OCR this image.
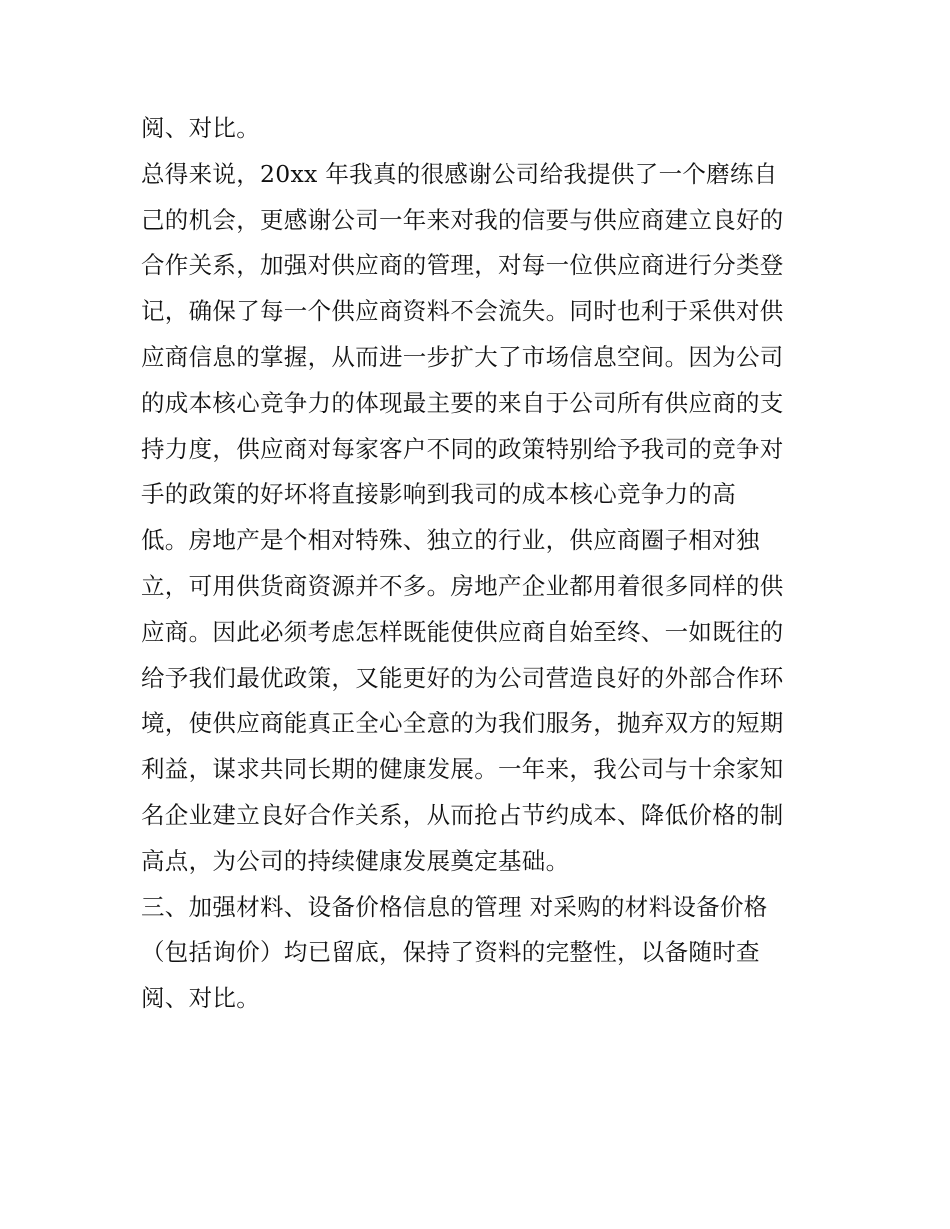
阅、对比。
总得来说，20xx 年我真的很感谢公司给我提供了一个磨练自
己的机会，更感谢公司一年来对我的信要与供应商建立良好的
合作关系，加强对供应商的管理，对每一位供应商进行分类登
记，确保了每一个供应商资料不会流失。同时也利于采供对供
应商信息的掌握，从而进一步扩大了市场信息空间。因为公司
的成本核心竞争力的体现最主要的来自于公司所有供应商的支
持力度，供应商对每家客户不同的政策特别给予我司的竞争对
手的政策的好坏将直接影响到我司的成本核心竞争力的高
低。房地产是个相对特殊、独立的行业，供应商圈子相对独
立，可用供货商资源并不多。房地产企业都用着很多同样的供
应商。因此必须考虑怎样既能使供应商自始至终、一如既往的
给予我们最优政策，又能更好的为公司营造良好的外部合作环
境，使供应商能真正全心全意的为我们服务，抛弃双方的短期
利益，谋求共同长期的健康发展。一年来，我公司与十余家知
名企业建立良好合作关系，从而抢占节约成本、降低价格的制
高点，为公司的持续健康发展奠定基础。
三、加强材料、设备价格信息的管理 对采购的材料设备价格
（包括询价）均已留底，保持了资料的完整性，以备随时查
阅、对比。
